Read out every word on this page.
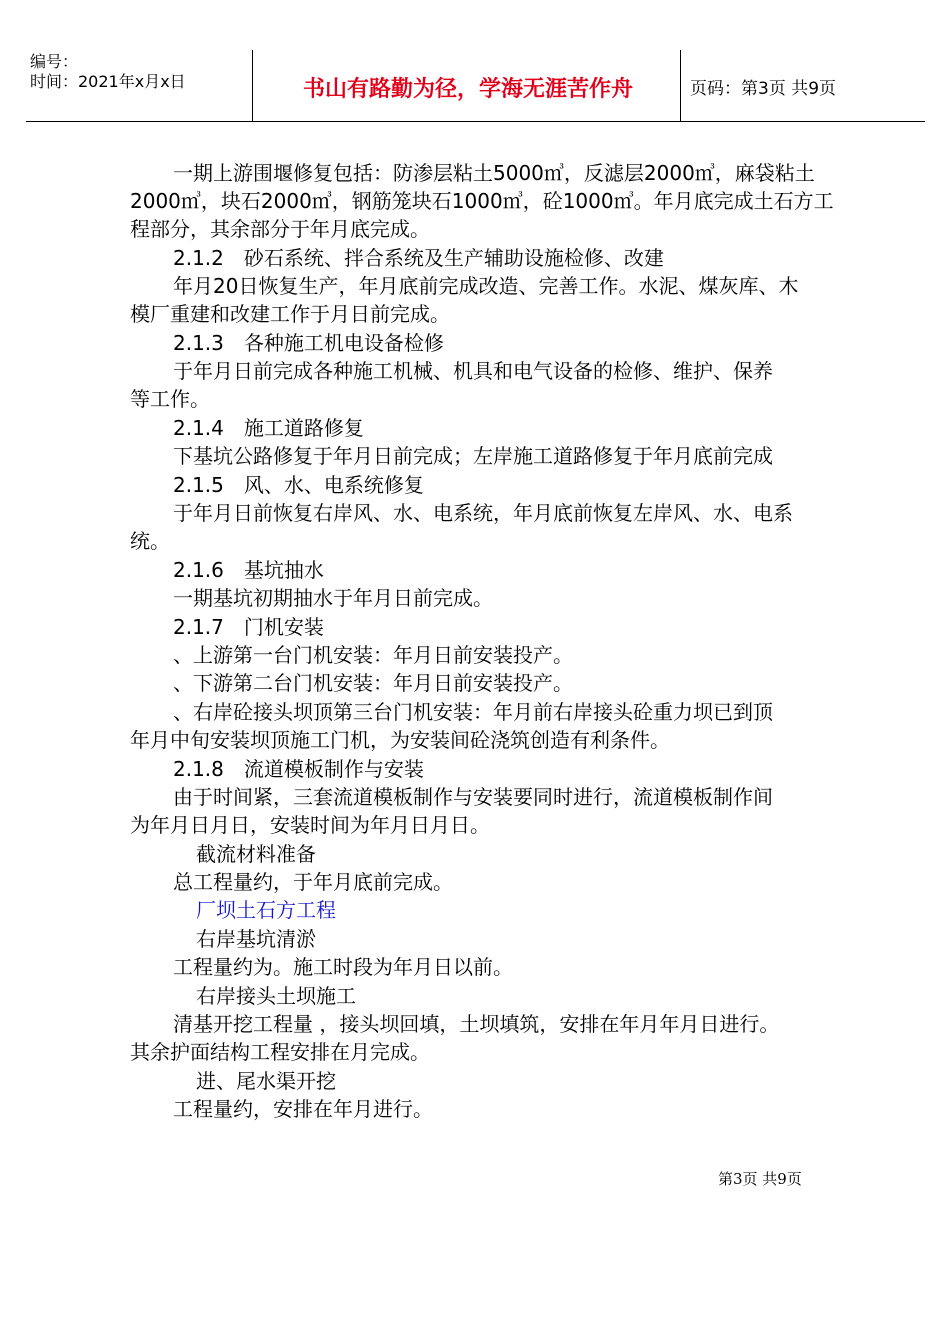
编号：
时间：2021年x月x日	书山有路勤为径，学海无涯苦作舟	页码：第3页 共9页
一期上游围堰修复包括：防渗层粘土5000㎥，反滤层2000㎥，麻袋粘土
2000㎥，块石2000㎥，钢筋笼块石1000㎥，砼1000㎥。年月底完成土石方工
程部分，其余部分于年月底完成。
2.1.2　砂石系统、拌合系统及生产辅助设施检修、改建
年月20日恢复生产，年月底前完成改造、完善工作。水泥、煤灰库、木
模厂重建和改建工作于月日前完成。
2.1.3　各种施工机电设备检修
于年月日前完成各种施工机械、机具和电气设备的检修、维护、保养
等工作。
2.1.4　施工道路修复
下基坑公路修复于年月日前完成；左岸施工道路修复于年月底前完成
2.1.5　风、水、电系统修复
于年月日前恢复右岸风、水、电系统，年月底前恢复左岸风、水、电系
统。
2.1.6　基坑抽水
一期基坑初期抽水于年月日前完成。
2.1.7　门机安装
、上游第一台门机安装：年月日前安装投产。
、下游第二台门机安装：年月日前安装投产。
、右岸砼接头坝顶第三台门机安装：年月前右岸接头砼重力坝已到顶
年月中旬安装坝顶施工门机，为安装间砼浇筑创造有利条件。
2.1.8　流道模板制作与安装
由于时间紧，三套流道模板制作与安装要同时进行，流道模板制作间
为年月日月日，安装时间为年月日月日。
截流材料准备
总工程量约，于年月底前完成。
厂坝土石方工程
右岸基坑清淤
工程量约为。施工时段为年月日以前。
右岸接头土坝施工
清基开挖工程量 ，接头坝回填，土坝填筑，安排在年月年月日进行。
其余护面结构工程安排在月完成。
进、尾水渠开挖
工程量约，安排在年月进行。
第3页 共9页
